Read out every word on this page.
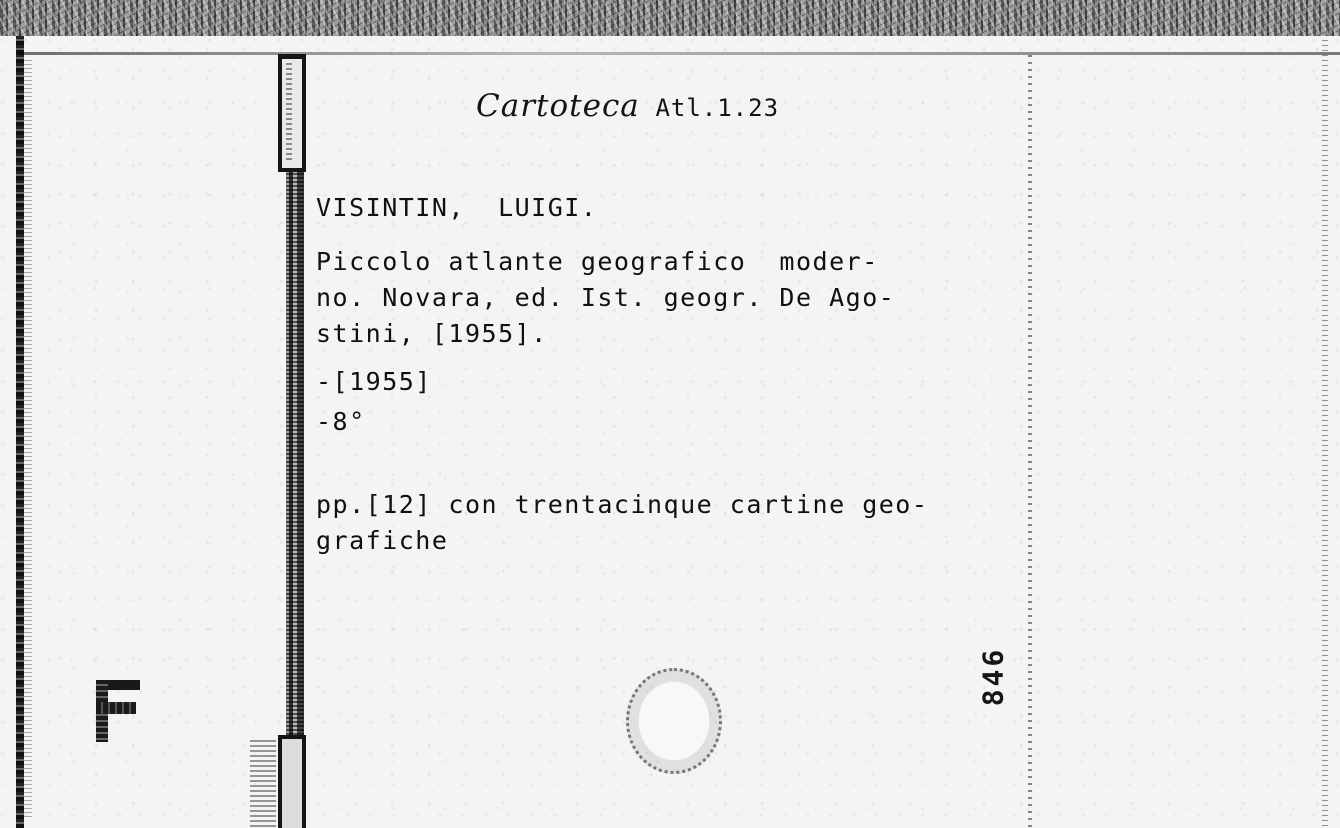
Cartoteca Atl.1.23

VISINTIN,  LUIGI.

Piccolo atlante geografico  moder-
no. Novara, ed. Ist. geogr. De Ago-
stini, [1955].

-[1955]

-8°

pp.[12] con trentacinque cartine geo-
grafiche
846
